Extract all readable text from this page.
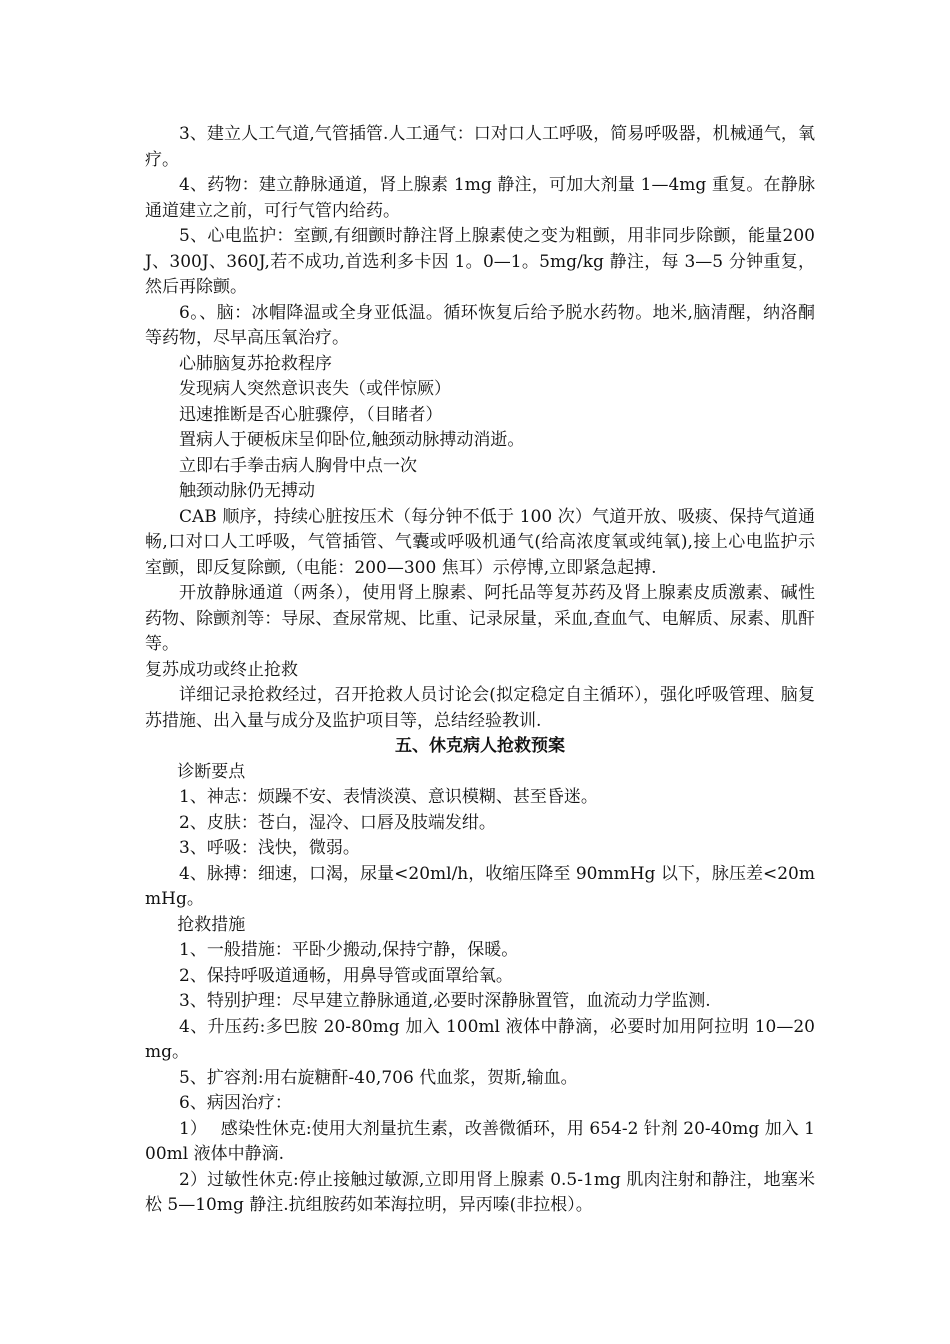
3、建立人工气道,气管插管.人工通气：口对口人工呼吸，简易呼吸器，机械通气，氧疗。

4、药物：建立静脉通道，肾上腺素 1mg 静注，可加大剂量 1—4mg 重复。在静脉通道建立之前，可行气管内给药。

5、心电监护：室颤,有细颤时静注肾上腺素使之变为粗颤，用非同步除颤，能量200J、300J、360J,若不成功,首选利多卡因 1。0—1。5mg/kg 静注，每 3—5 分钟重复，然后再除颤。

6。、脑：冰帽降温或全身亚低温。循环恢复后给予脱水药物。地米,脑清醒，纳洛酮等药物，尽早高压氧治疗。

心肺脑复苏抢救程序

发现病人突然意识丧失（或伴惊厥）

迅速推断是否心脏骤停，（目睹者）

置病人于硬板床呈仰卧位,触颈动脉搏动消逝。

立即右手拳击病人胸骨中点一次

触颈动脉仍无搏动

CAB 顺序，持续心脏按压术（每分钟不低于 100 次）气道开放、吸痰、保持气道通畅,口对口人工呼吸，气管插管、气囊或呼吸机通气(给高浓度氧或纯氧),接上心电监护示室颤，即反复除颤,（电能：200—300 焦耳）示停博,立即紧急起搏.

开放静脉通道（两条），使用肾上腺素、阿托品等复苏药及肾上腺素皮质激素、碱性药物、除颤剂等：导尿、查尿常规、比重、记录尿量，采血,查血气、电解质、尿素、肌酐等。

复苏成功或终止抢救

详细记录抢救经过，召开抢救人员讨论会(拟定稳定自主循环），强化呼吸管理、脑复苏措施、出入量与成分及监护项目等，总结经验教训.

五、休克病人抢救预案

诊断要点

1、神志：烦躁不安、表情淡漠、意识模糊、甚至昏迷。

2、皮肤：苍白，湿冷、口唇及肢端发绀。

3、呼吸：浅快，微弱。

4、脉搏：细速，口渴，尿量<20ml/h，收缩压降至 90mmHg 以下，脉压差<20mmHg。

抢救措施

1、一般措施：平卧少搬动,保持宁静，保暖。

2、保持呼吸道通畅，用鼻导管或面罩给氧。

3、特别护理：尽早建立静脉通道,必要时深静脉置管，血流动力学监测.

4、升压药:多巴胺 20-80mg 加入 100ml 液体中静滴，必要时加用阿拉明 10—20mg。

5、扩容剂:用右旋糖酐-40,706 代血浆，贺斯,输血。

6、病因治疗：

1）　 感染性休克:使用大剂量抗生素，改善微循环，用 654-2 针剂 20-40mg 加入 100ml 液体中静滴.

2）过敏性休克:停止接触过敏源,立即用肾上腺素 0.5-1mg 肌肉注射和静注，地塞米松 5—10mg 静注.抗组胺药如苯海拉明，异丙嗪(非拉根）。
